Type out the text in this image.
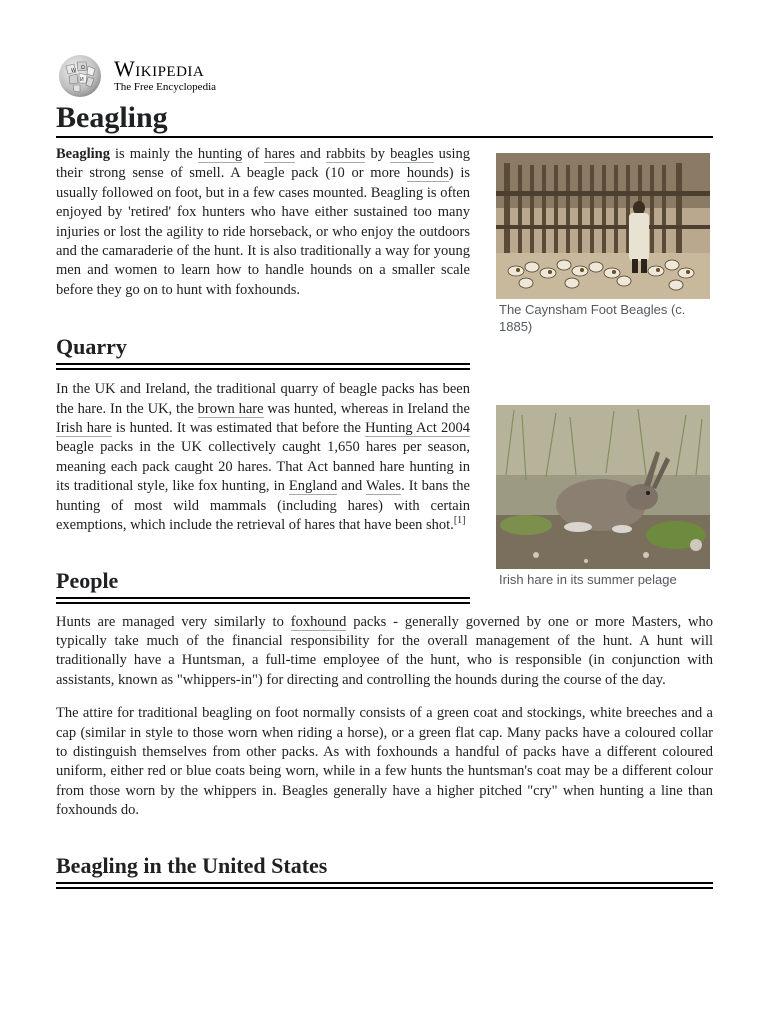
W Ω
И Wikipedia
The Free Encyclopedia
Beagling

Beagling is mainly the hunting of hares and rabbits by beagles using their strong sense of smell. A beagle pack (10 or more hounds) is usually followed on foot, but in a few cases mounted. Beagling is often enjoyed by 'retired' fox hunters who have either sustained too many injuries or lost the agility to ride horseback, or who enjoy the outdoors and the camaraderie of the hunt. It is also traditionally a way for young men and women to learn how to handle hounds on a smaller scale before they go on to hunt with foxhounds.

The Caynsham Foot Beagles (c. 1885)
Quarry

In the UK and Ireland, the traditional quarry of beagle packs has been the hare. In the UK, the brown hare was hunted, whereas in Ireland the Irish hare is hunted. It was estimated that before the Hunting Act 2004 beagle packs in the UK collectively caught 1,650 hares per season, meaning each pack caught 20 hares. That Act banned hare hunting in its traditional style, like fox hunting, in England and Wales. It bans the hunting of most wild mammals (including hares) with certain exemptions, which include the retrieval of hares that have been shot.[1]

Irish hare in its summer pelage
People

Hunts are managed very similarly to foxhound packs - generally governed by one or more Masters, who typically take much of the financial responsibility for the overall management of the hunt. A hunt will traditionally have a Huntsman, a full-time employee of the hunt, who is responsible (in conjunction with assistants, known as "whippers-in") for directing and controlling the hounds during the course of the day.

The attire for traditional beagling on foot normally consists of a green coat and stockings, white breeches and a cap (similar in style to those worn when riding a horse), or a green flat cap. Many packs have a coloured collar to distinguish themselves from other packs. As with foxhounds a handful of packs have a different coloured uniform, either red or blue coats being worn, while in a few hunts the huntsman's coat may be a different colour from those worn by the whippers in. Beagles generally have a higher pitched "cry" when hunting a line than foxhounds do.

Beagling in the United States
